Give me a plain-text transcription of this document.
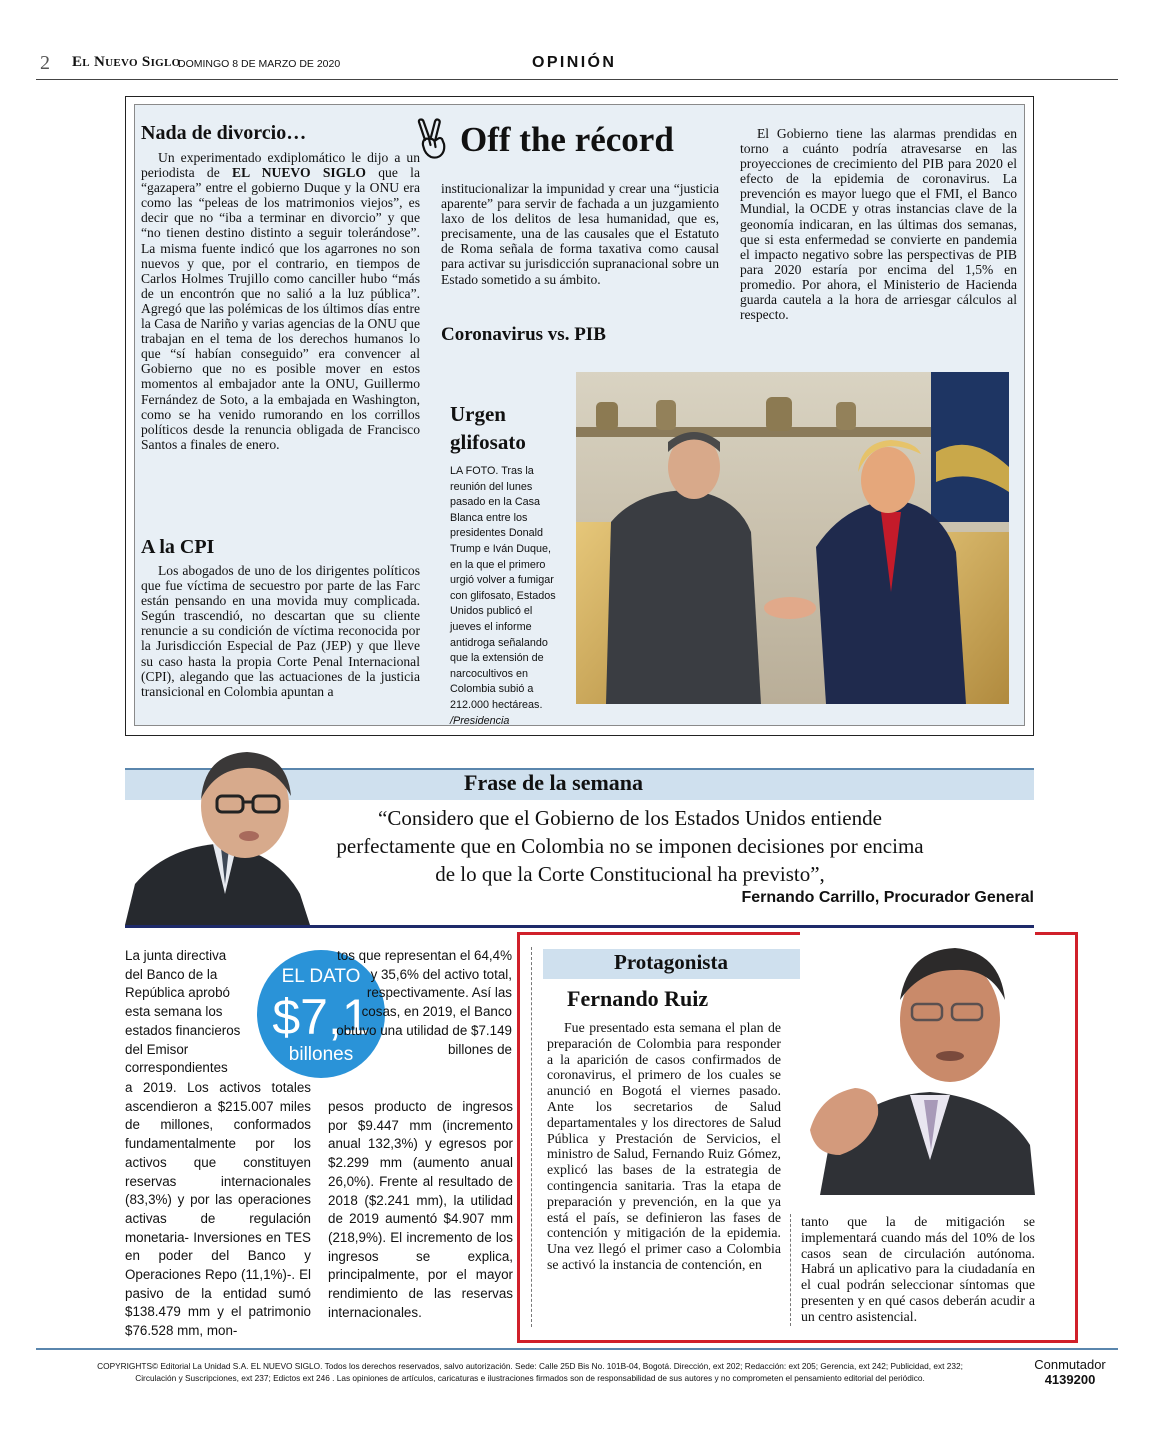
2 El Nuevo Siglo
DOMINGO 8 DE MARZO DE 2020	OPINIÓN
Off the récord
Nada de divorcio…
Un experimentado exdiplomático le dijo a un periodista de EL NUEVO SIGLO que la “gazapera” entre el gobierno Duque y la ONU era como las “peleas de los matrimonios viejos”, es decir que no “iba a terminar en divorcio” y que “no tienen destino distinto a seguir tolerándose”. La misma fuente indicó que los agarrones no son nuevos y que, por el contrario, en tiempos de Carlos Holmes Trujillo como canciller hubo “más de un encontrón que no salió a la luz pública”. Agregó que las polémicas de los últimos días entre la Casa de Nariño y varias agencias de la ONU que trabajan en el tema de los derechos humanos lo que “sí habían conseguido” era convencer al Gobierno que no es posible mover en estos momentos al embajador ante la ONU, Guillermo Fernández de Soto, a la embajada en Washington, como se ha venido rumorando en los corrillos políticos desde la renuncia obligada de Francisco Santos a finales de enero.
A la CPI
Los abogados de uno de los dirigentes políticos que fue víctima de secuestro por parte de las Farc están pensando en una movida muy complicada. Según trascendió, no descartan que su cliente renuncie a su condición de víctima reconocida por la Jurisdicción Especial de Paz (JEP) y que lleve su caso hasta la propia Corte Penal Internacional (CPI), alegando que las actuaciones de la justicia transicional en Colombia apuntan a
institucionalizar la impunidad y crear una “justicia aparente” para servir de fachada a un juzgamiento laxo de los delitos de lesa humanidad, que es, precisamente, una de las causales que el Estatuto de Roma señala de forma taxativa como causal para activar su jurisdicción supranacional sobre un Estado sometido a su ámbito.
Coronavirus vs. PIB
El Gobierno tiene las alarmas prendidas en torno a cuánto podría atravesarse en las proyecciones de crecimiento del PIB para 2020 el efecto de la epidemia de coronavirus. La prevención es mayor luego que el FMI, el Banco Mundial, la OCDE y otras instancias clave de la geonomía indicaran, en las últimas dos semanas, que si esta enfermedad se convierte en pandemia el impacto negativo sobre las perspectivas de PIB para 2020 estaría por encima del 1,5% en promedio. Por ahora, el Ministerio de Hacienda guarda cautela a la hora de arriesgar cálculos al respecto.
Urgen glifosato
LA FOTO. Tras la reunión del lunes pasado en la Casa Blanca entre los presidentes Donald Trump e Iván Duque, en la que el primero urgió volver a fumigar con glifosato, Estados Unidos publicó el jueves el informe antidroga señalando que la extensión de narcocultivos en Colombia subió a 212.000 hectáreas. /Presidencia
Frase de la semana
“Considero que el Gobierno de los Estados Unidos entiende perfectamente que en Colombia no se imponen decisiones por encima de lo que la Corte Constitucional ha previsto”,
Fernando Carrillo, Procurador General
La junta directiva del Banco de la República aprobó esta semana los estados financieros del Emisor correspondientes
EL DATO
$7,1
billones
tos que representan el 64,4% y 35,6% del activo total, respectivamente. Así las cosas, en 2019, el Banco obtuvo una utilidad de $7.149 billones de
a 2019. Los activos totales ascendieron a $215.007 miles de millones, conformados fundamentalmente por los activos que constituyen reservas internacionales (83,3%) y por las operaciones activas de regulación monetaria- Inversiones en TES en poder del Banco y Operaciones Repo (11,1%)-. El pasivo de la entidad sumó $138.479 mm y el patrimonio $76.528 mm, mon-
pesos producto de ingresos por $9.447 mm (incremento anual 132,3%) y egresos por $2.299 mm (aumento anual 26,0%). Frente al resultado de 2018 ($2.241 mm), la utilidad de 2019 aumentó $4.907 mm (218,9%). El incremento de los ingresos se explica, principalmente, por el mayor rendimiento de las reservas internacionales.
Protagonista
Fernando Ruiz
Fue presentado esta semana el plan de preparación de Colombia para responder a la aparición de casos confirmados de coronavirus, el primero de los cuales se anunció en Bogotá el viernes pasado. Ante los secretarios de Salud departamentales y los directores de Salud Pública y Prestación de Servicios, el ministro de Salud, Fernando Ruiz Gómez, explicó las bases de la estrategia de contingencia sanitaria. Tras la etapa de preparación y prevención, en la que ya está el país, se definieron las fases de contención y mitigación de la epidemia. Una vez llegó el primer caso a Colombia se activó la instancia de contención, en
tanto que la de mitigación se implementará cuando más del 10% de los casos sean de circulación autónoma. Habrá un aplicativo para la ciudadanía en el cual podrán seleccionar síntomas que presenten y en qué casos deberán acudir a un centro asistencial.
COPYRIGHTS© Editorial La Unidad S.A. EL NUEVO SIGLO. Todos los derechos reservados, salvo autorización. Sede: Calle 25D Bis No. 101B-04, Bogotá. Dirección, ext 202; Redacción: ext 205; Gerencia, ext 242; Publicidad, ext 232;
Circulación y Suscripciones, ext 237; Edictos ext 246 . Las opiniones de artículos, caricaturas e ilustraciones firmados son de responsabilidad de sus autores y no comprometen el pensamiento editorial del periódico.
Conmutador
4139200
